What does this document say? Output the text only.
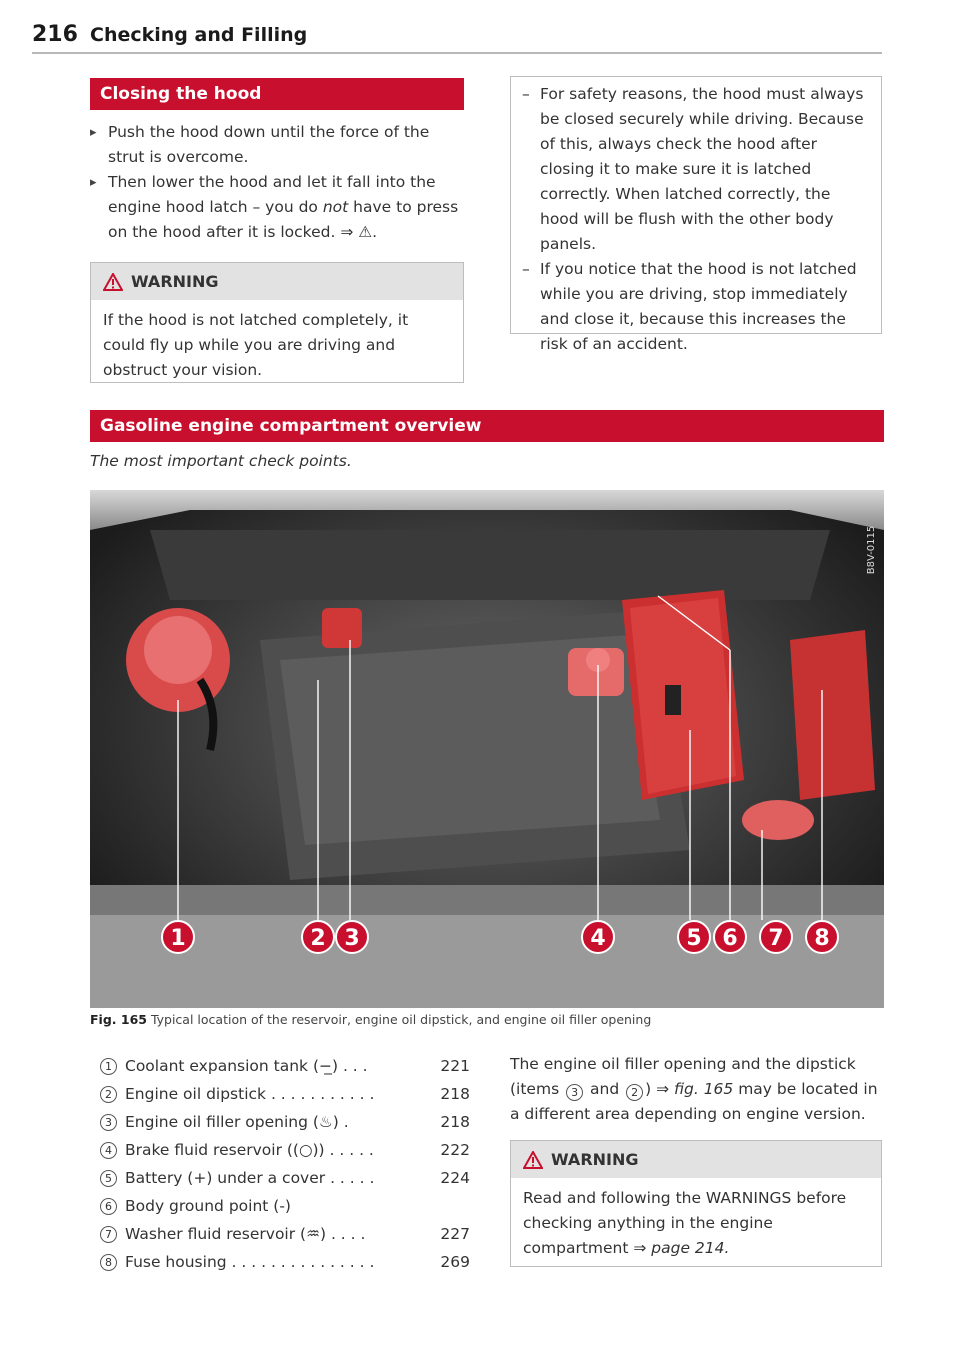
216 Checking and Filling
Closing the hood

▸ Push the hood down until the force of the strut is overcome.

▸ Then lower the hood and let it fall into the engine hood latch – you do not have to press on the hood after it is locked. ⇒ ⚠.

WARNING
If the hood is not latched completely, it could fly up while you are driving and obstruct your vision.

– For safety reasons, the hood must always be closed securely while driving. Because of this, always check the hood after closing it to make sure it is latched correctly. When latched correctly, the hood will be flush with the other body panels.

– If you notice that the hood is not latched while you are driving, stop immediately and close it, because this increases the risk of an accident.

Gasoline engine compartment overview
The most important check points.
1	2 3	4	5 6 7 8
B8V-0115
Fig. 165 Typical location of the reservoir, engine oil dipstick, and engine oil filler opening
1 Coolant expansion tank (−̲) . . .	221
2 Engine oil dipstick . . . . . . . . . . .	218
3 Engine oil filler opening (♨) .	218
4 Brake fluid reservoir ((○)) . . . . .	222
5 Battery (+) under a cover . . . . .	224
6 Body ground point (-)
7 Washer fluid reservoir (♒) . . . .	227
8 Fuse housing . . . . . . . . . . . . . . .	269
The engine oil filler opening and the dipstick (items 3 and 2 ) ⇒ fig. 165 may be located in a different area depending on engine version.
WARNING
Read and following the WARNINGS before checking anything in the engine compartment ⇒ page 214.
